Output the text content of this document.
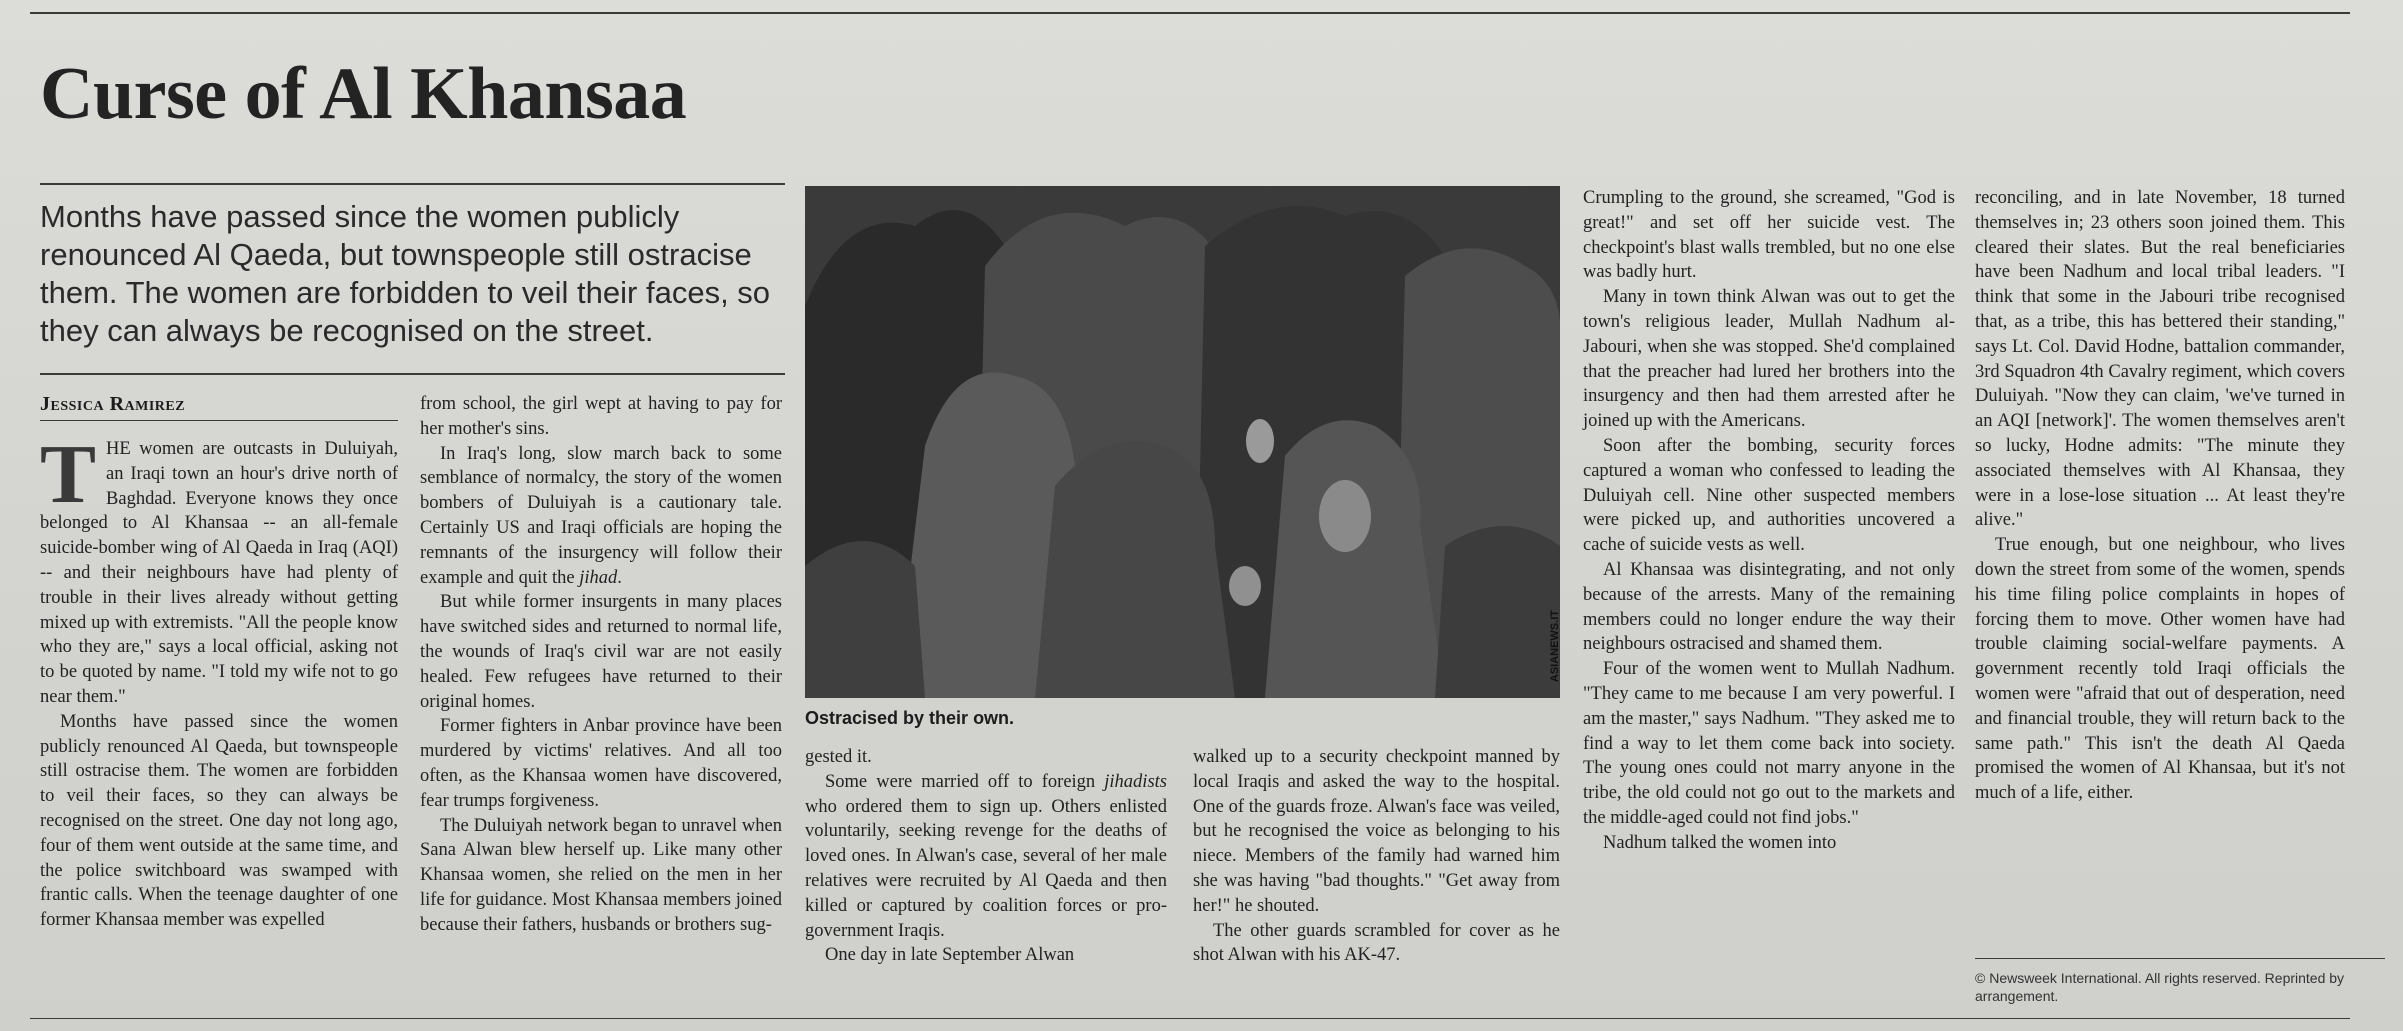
Curse of Al Khansaa

Months have passed since the women publicly renounced Al Qaeda, but townspeople still ostracise them. The women are forbidden to veil their faces, so they can always be recognised on the street.

Jessica Ramirez

THE women are outcasts in Duluiyah, an Iraqi town an hour's drive north of Baghdad. Everyone knows they once belonged to Al Khansaa -- an all-female suicide-bomber wing of Al Qaeda in Iraq (AQI) -- and their neighbours have had plenty of trouble in their lives already without getting mixed up with extremists. "All the people know who they are," says a local official, asking not to be quoted by name. "I told my wife not to go near them."

Months have passed since the women publicly renounced Al Qaeda, but townspeople still ostracise them. The women are forbidden to veil their faces, so they can always be recognised on the street. One day not long ago, four of them went outside at the same time, and the police switchboard was swamped with frantic calls. When the teenage daughter of one former Khansaa member was expelled

from school, the girl wept at having to pay for her mother's sins.

In Iraq's long, slow march back to some semblance of normalcy, the story of the women bombers of Duluiyah is a cautionary tale. Certainly US and Iraqi officials are hoping the remnants of the insurgency will follow their example and quit the jihad.

But while former insurgents in many places have switched sides and returned to normal life, the wounds of Iraq's civil war are not easily healed. Few refugees have returned to their original homes.

Former fighters in Anbar province have been murdered by victims' relatives. And all too often, as the Khansaa women have discovered, fear trumps forgiveness.

The Duluiyah network began to unravel when Sana Alwan blew herself up. Like many other Khansaa women, she relied on the men in her life for guidance. Most Khansaa members joined because their fathers, husbands or brothers sug-

ASIANEWS.IT

Ostracised by their own.

gested it.

Some were married off to foreign jihadists who ordered them to sign up. Others enlisted voluntarily, seeking revenge for the deaths of loved ones. In Alwan's case, several of her male relatives were recruited by Al Qaeda and then killed or captured by coalition forces or pro-government Iraqis.

One day in late September Alwan

walked up to a security checkpoint manned by local Iraqis and asked the way to the hospital. One of the guards froze. Alwan's face was veiled, but he recognised the voice as belonging to his niece. Members of the family had warned him she was having "bad thoughts." "Get away from her!" he shouted.

The other guards scrambled for cover as he shot Alwan with his AK-47.

Crumpling to the ground, she screamed, "God is great!" and set off her suicide vest. The checkpoint's blast walls trembled, but no one else was badly hurt.

Many in town think Alwan was out to get the town's religious leader, Mullah Nadhum al-Jabouri, when she was stopped. She'd complained that the preacher had lured her brothers into the insurgency and then had them arrested after he joined up with the Americans.

Soon after the bombing, security forces captured a woman who confessed to leading the Duluiyah cell. Nine other suspected members were picked up, and authorities uncovered a cache of suicide vests as well.

Al Khansaa was disintegrating, and not only because of the arrests. Many of the remaining members could no longer endure the way their neighbours ostracised and shamed them.

Four of the women went to Mullah Nadhum. "They came to me because I am very powerful. I am the master," says Nadhum. "They asked me to find a way to let them come back into society. The young ones could not marry anyone in the tribe, the old could not go out to the markets and the middle-aged could not find jobs."

Nadhum talked the women into

reconciling, and in late November, 18 turned themselves in; 23 others soon joined them. This cleared their slates. But the real beneficiaries have been Nadhum and local tribal leaders. "I think that some in the Jabouri tribe recognised that, as a tribe, this has bettered their standing," says Lt. Col. David Hodne, battalion commander, 3rd Squadron 4th Cavalry regiment, which covers Duluiyah. "Now they can claim, 'we've turned in an AQI [network]'. The women themselves aren't so lucky, Hodne admits: "The minute they associated themselves with Al Khansaa, they were in a lose-lose situation ... At least they're alive."

True enough, but one neighbour, who lives down the street from some of the women, spends his time filing police complaints in hopes of forcing them to move. Other women have had trouble claiming social-welfare payments. A government recently told Iraqi officials the women were "afraid that out of desperation, need and financial trouble, they will return back to the same path." This isn't the death Al Qaeda promised the women of Al Khansaa, but it's not much of a life, either.

© Newsweek International. All rights reserved. Reprinted by arrangement.
